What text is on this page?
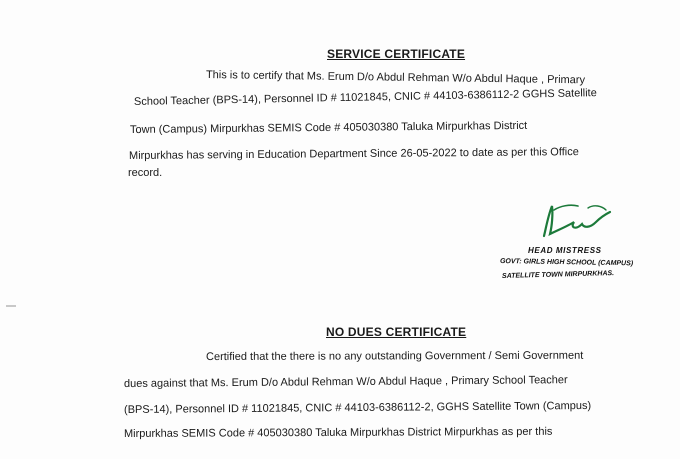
SERVICE CERTIFICATE
This is to certify that Ms. Erum D/o Abdul Rehman W/o Abdul Haque , Primary
School Teacher (BPS-14), Personnel ID # 11021845, CNIC # 44103-6386112-2 GGHS Satellite
Town (Campus) Mirpurkhas SEMIS Code # 405030380 Taluka Mirpurkhas District
Mirpurkhas has serving in Education Department Since 26-05-2022 to date as per this Office
record.
HEAD MISTRESS
GOVT: GIRLS HIGH SCHOOL (CAMPUS)
SATELLITE TOWN MIRPURKHAS.
NO DUES CERTIFICATE
Certified that the there is no any outstanding Government / Semi Government
dues against that Ms. Erum D/o Abdul Rehman W/o Abdul Haque , Primary School Teacher
(BPS-14), Personnel ID # 11021845, CNIC # 44103-6386112-2, GGHS Satellite Town (Campus)
Mirpurkhas SEMIS Code # 405030380 Taluka Mirpurkhas District Mirpurkhas as per this
